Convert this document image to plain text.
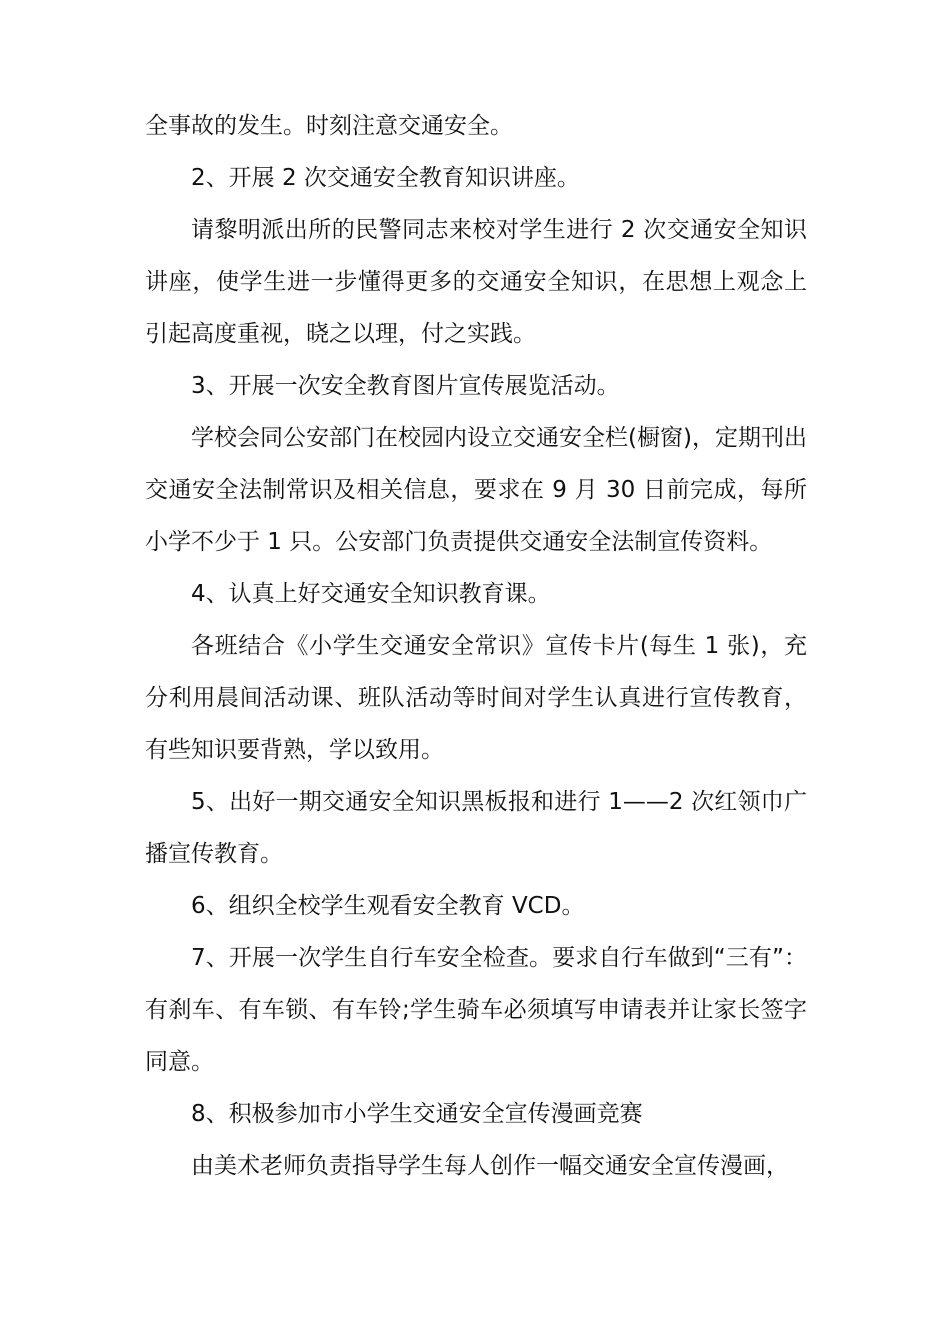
全事故的发生。时刻注意交通安全。

2、开展 2 次交通安全教育知识讲座。

请黎明派出所的民警同志来校对学生进行 2 次交通安全知识讲座，使学生进一步懂得更多的交通安全知识，在思想上观念上引起高度重视，晓之以理，付之实践。

3、开展一次安全教育图片宣传展览活动。

学校会同公安部门在校园内设立交通安全栏(橱窗)，定期刊出交通安全法制常识及相关信息，要求在 9 月 30 日前完成，每所小学不少于 1 只。公安部门负责提供交通安全法制宣传资料。

4、认真上好交通安全知识教育课。

各班结合《小学生交通安全常识》宣传卡片(每生 1 张)，充分利用晨间活动课、班队活动等时间对学生认真进行宣传教育，有些知识要背熟，学以致用。

5、出好一期交通安全知识黑板报和进行 1——2 次红领巾广播宣传教育。

6、组织全校学生观看安全教育 VCD。

7、开展一次学生自行车安全检查。要求自行车做到“三有”：有刹车、有车锁、有车铃;学生骑车必须填写申请表并让家长签字同意。

8、积极参加市小学生交通安全宣传漫画竞赛

由美术老师负责指导学生每人创作一幅交通安全宣传漫画，
